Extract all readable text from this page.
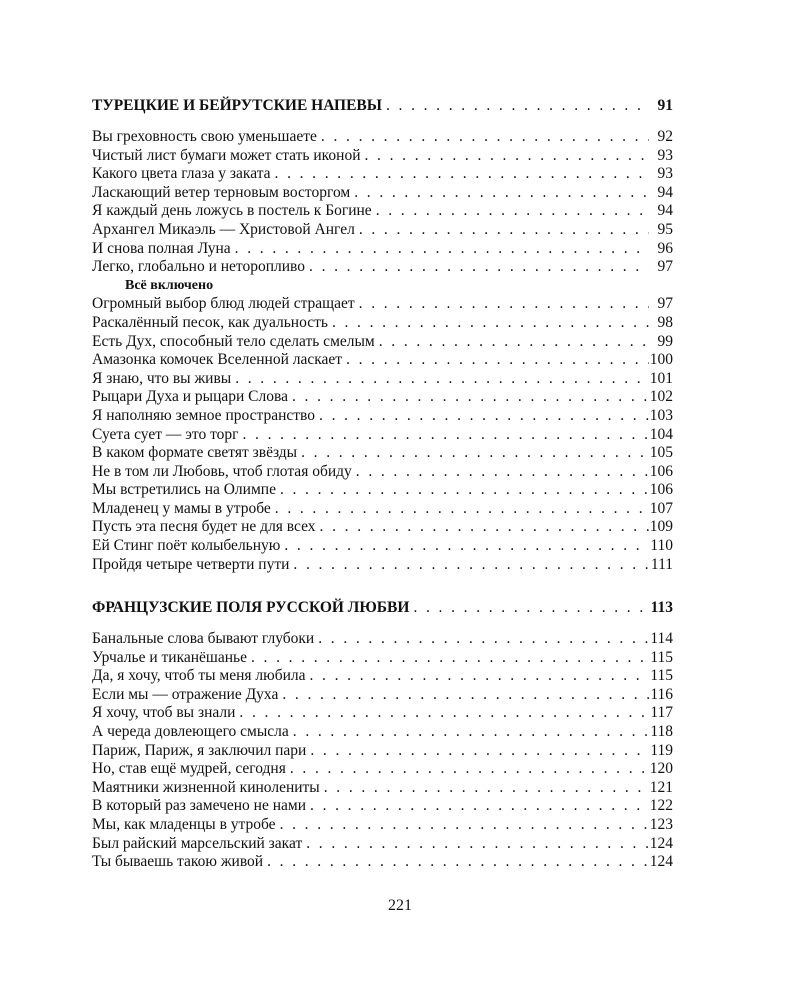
ТУРЕЦКИЕ И БЕЙРУТСКИЕ НАПЕВЫ . . .	91
Вы греховность свою уменьшаете . . .	92
Чистый лист бумаги может стать иконой . . .	93
Какого цвета глаза у заката . . .	93
Ласкающий ветер терновым восторгом . . .	94
Я каждый день ложусь в постель к Богине . . .	94
Архангел Микаэль — Христовой Ангел . . .	95
И снова полная Луна . . .	96
Легко, глобально и неторопливо . . .	97
Всё включено
Огромный выбор блюд людей стращает . . .	97
Раскалённый песок, как дуальность . . .	98
Есть Дух, способный тело сделать смелым . . .	99
Амазонка комочек Вселенной ласкает . . .	100
Я знаю, что вы живы . . .	101
Рыцари Духа и рыцари Слова . . .	102
Я наполняю земное пространство . . .	103
Суета сует — это торг . . .	104
В каком формате светят звёзды . . .	105
Не в том ли Любовь, чтоб глотая обиду . . .	106
Мы встретились на Олимпе . . .	106
Младенец у мамы в утробе . . .	107
Пусть эта песня будет не для всех . . .	109
Ей Стинг поёт колыбельную . . .	110
Пройдя четыре четверти пути . . .	111
ФРАНЦУЗСКИЕ ПОЛЯ РУССКОЙ ЛЮБВИ . . .	113
Банальные слова бывают глубоки . . .	114
Урчалье и тиканёшанье . . .	115
Да, я хочу, чтоб ты меня любила . . .	115
Если мы — отражение Духа . . .	116
Я хочу, чтоб вы знали . . .	117
А череда довлеющего смысла . . .	118
Париж, Париж, я заключил пари . . .	119
Но, став ещё мудрей, сегодня . . .	120
Маятники жизненной кинолениты . . .	121
В который раз замечено не нами . . .	122
Мы, как младенцы в утробе . . .	123
Был райский марсельский закат . . .	124
Ты бываешь такою живой . . .	124
221
